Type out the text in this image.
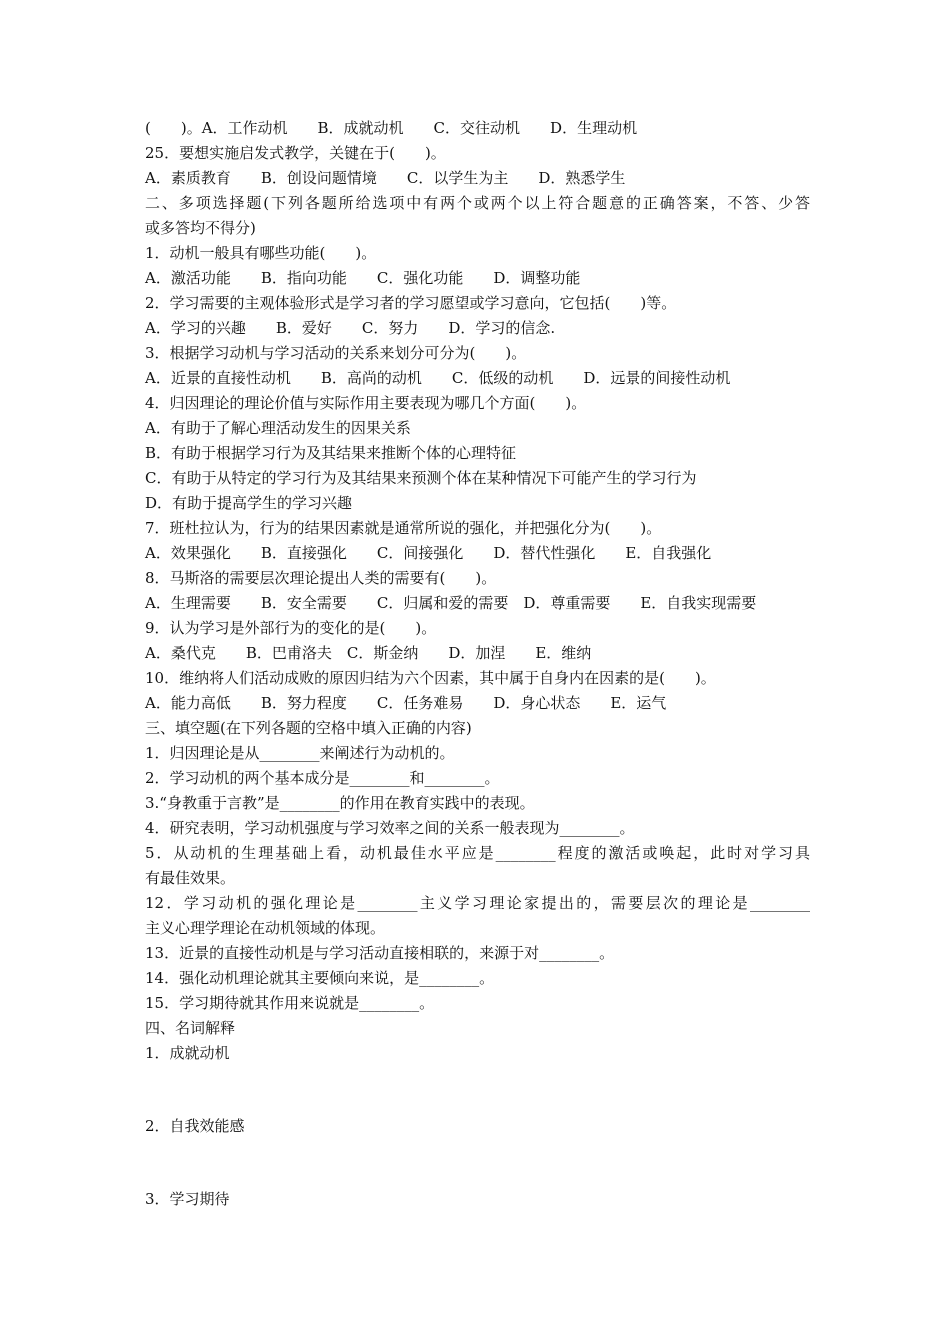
(　　)。A．工作动机　　B．成就动机　　C．交往动机　　D．生理动机
25．要想实施启发式教学，关键在于(　　)。
A．素质教育　　B．创设问题情境　　C．以学生为主　　D．熟悉学生
二、多项选择题(下列各题所给选项中有两个或两个以上符合题意的正确答案，不答、少答
或多答均不得分)
1．动机一般具有哪些功能(　　)。
A．激活功能　　B．指向功能　　C．强化功能　　D．调整功能
2．学习需要的主观体验形式是学习者的学习愿望或学习意向，它包括(　　)等。
A．学习的兴趣　　B．爱好　　C．努力　　D．学习的信念.
3．根据学习动机与学习活动的关系来划分可分为(　　)。
A．近景的直接性动机　　B．高尚的动机　　C．低级的动机　　D．远景的间接性动机
4．归因理论的理论价值与实际作用主要表现为哪几个方面(　　)。
A．有助于了解心理活动发生的因果关系
B．有助于根据学习行为及其结果来推断个体的心理特征
C．有助于从特定的学习行为及其结果来预测个体在某种情况下可能产生的学习行为
D．有助于提高学生的学习兴趣
7．班杜拉认为，行为的结果因素就是通常所说的强化，并把强化分为(　　)。
A．效果强化　　B．直接强化　　C．间接强化　　D．替代性强化　　E．自我强化
8．马斯洛的需要层次理论提出人类的需要有(　　)。
A．生理需要　　B．安全需要　　C．归属和爱的需要　D．尊重需要　　E．自我实现需要
9．认为学习是外部行为的变化的是(　　)。
A．桑代克　　B．巴甫洛夫　C．斯金纳　　D．加涅　　E．维纳
10．维纳将人们活动成败的原因归结为六个因素，其中属于自身内在因素的是(　　)。
A．能力高低　　B．努力程度　　C．任务难易　　D．身心状态　　E．运气
三、填空题(在下列各题的空格中填入正确的内容)
1．归因理论是从________来阐述行为动机的。
2．学习动机的两个基本成分是________和________。
3.“身教重于言教”是________的作用在教育实践中的表现。
4．研究表明，学习动机强度与学习效率之间的关系一般表现为________。
5．从动机的生理基础上看，动机最佳水平应是________程度的激活或唤起，此时对学习具
有最佳效果。
12．学习动机的强化理论是________主义学习理论家提出的，需要层次的理论是________
主义心理学理论在动机领域的体现。
13．近景的直接性动机是与学习活动直接相联的，来源于对________。
14．强化动机理论就其主要倾向来说，是________。
15．学习期待就其作用来说就是________。
四、名词解释
1．成就动机
2．自我效能感
3．学习期待
